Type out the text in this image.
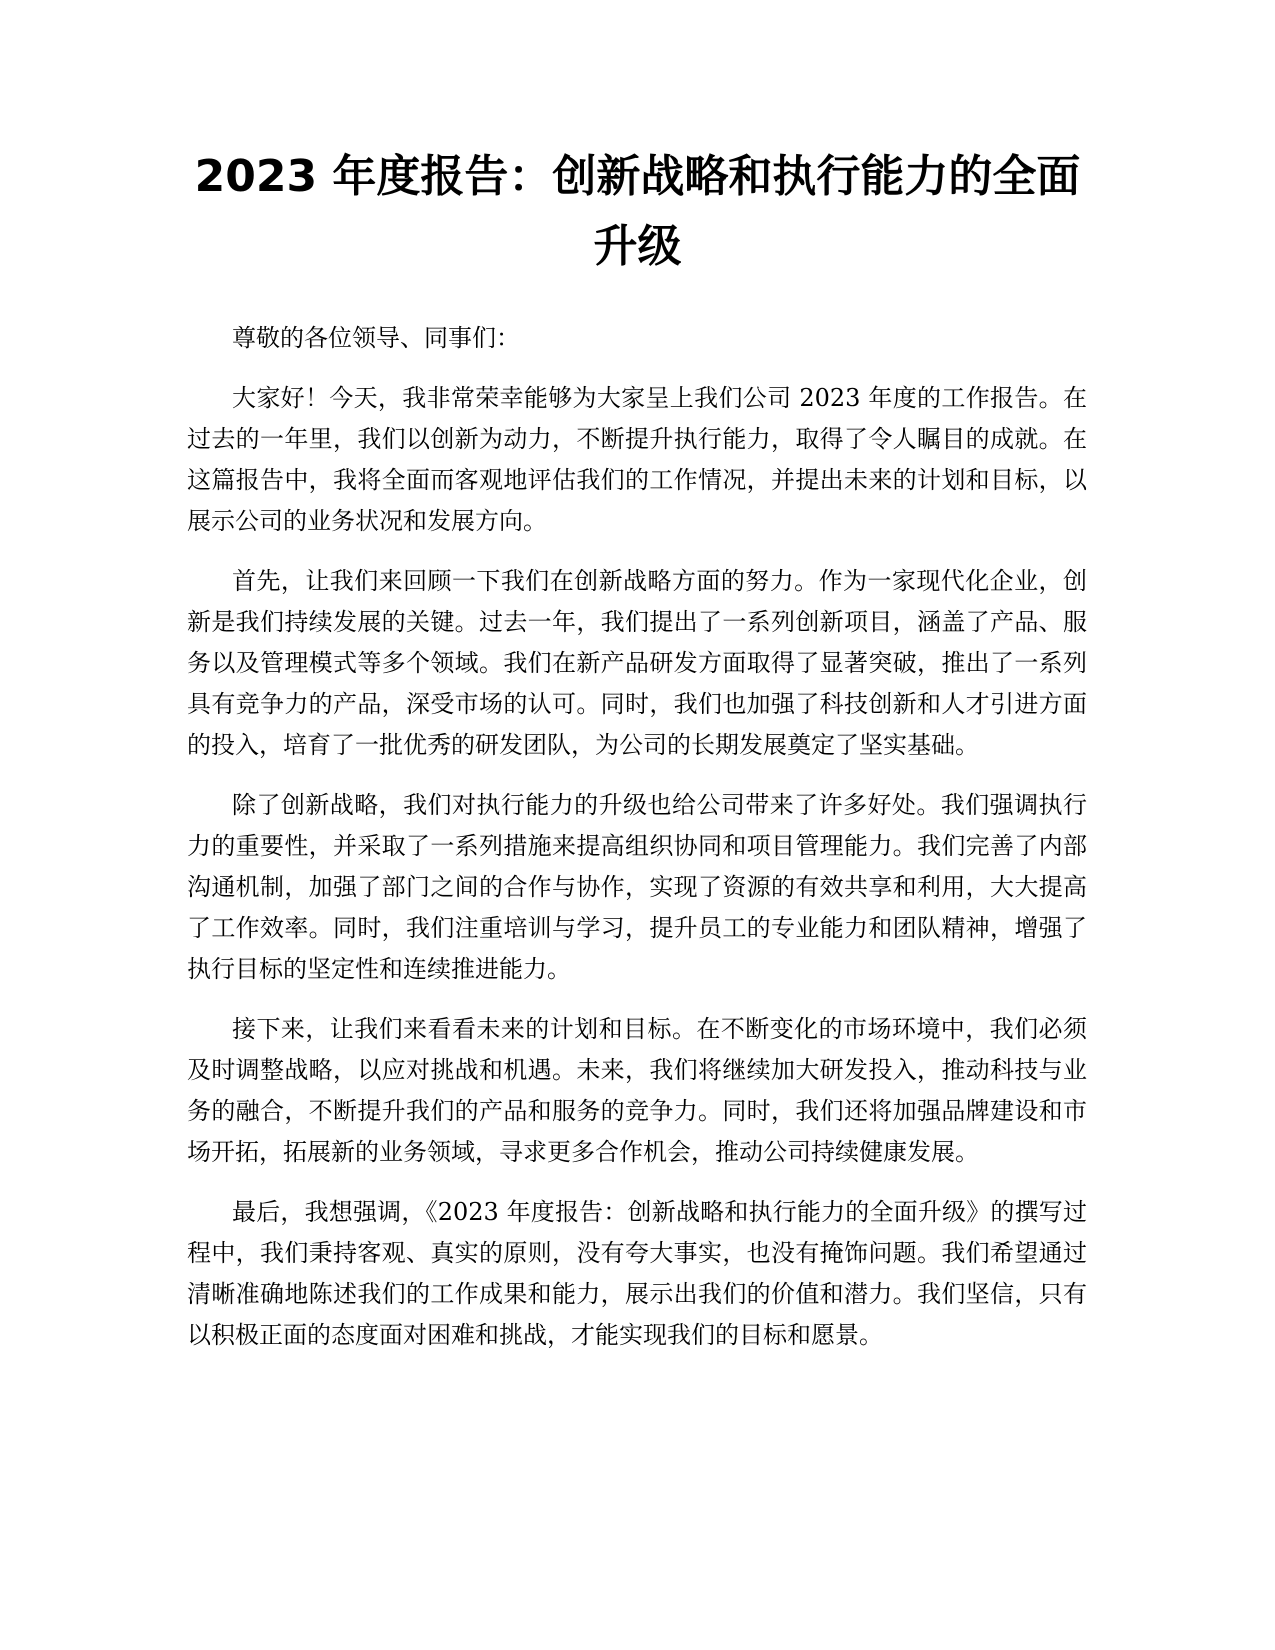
2023 年度报告：创新战略和执行能力的全面升级

尊敬的各位领导、同事们：

大家好！今天，我非常荣幸能够为大家呈上我们公司 2023 年度的工作报告。在过去的一年里，我们以创新为动力，不断提升执行能力，取得了令人瞩目的成就。在这篇报告中，我将全面而客观地评估我们的工作情况，并提出未来的计划和目标，以展示公司的业务状况和发展方向。

首先，让我们来回顾一下我们在创新战略方面的努力。作为一家现代化企业，创新是我们持续发展的关键。过去一年，我们提出了一系列创新项目，涵盖了产品、服务以及管理模式等多个领域。我们在新产品研发方面取得了显著突破，推出了一系列具有竞争力的产品，深受市场的认可。同时，我们也加强了科技创新和人才引进方面的投入，培育了一批优秀的研发团队，为公司的长期发展奠定了坚实基础。

除了创新战略，我们对执行能力的升级也给公司带来了许多好处。我们强调执行力的重要性，并采取了一系列措施来提高组织协同和项目管理能力。我们完善了内部沟通机制，加强了部门之间的合作与协作，实现了资源的有效共享和利用，大大提高了工作效率。同时，我们注重培训与学习，提升员工的专业能力和团队精神，增强了执行目标的坚定性和连续推进能力。

接下来，让我们来看看未来的计划和目标。在不断变化的市场环境中，我们必须及时调整战略，以应对挑战和机遇。未来，我们将继续加大研发投入，推动科技与业务的融合，不断提升我们的产品和服务的竞争力。同时，我们还将加强品牌建设和市场开拓，拓展新的业务领域，寻求更多合作机会，推动公司持续健康发展。

最后，我想强调，《2023 年度报告：创新战略和执行能力的全面升级》的撰写过程中，我们秉持客观、真实的原则，没有夸大事实，也没有掩饰问题。我们希望通过清晰准确地陈述我们的工作成果和能力，展示出我们的价值和潜力。我们坚信，只有以积极正面的态度面对困难和挑战，才能实现我们的目标和愿景。
